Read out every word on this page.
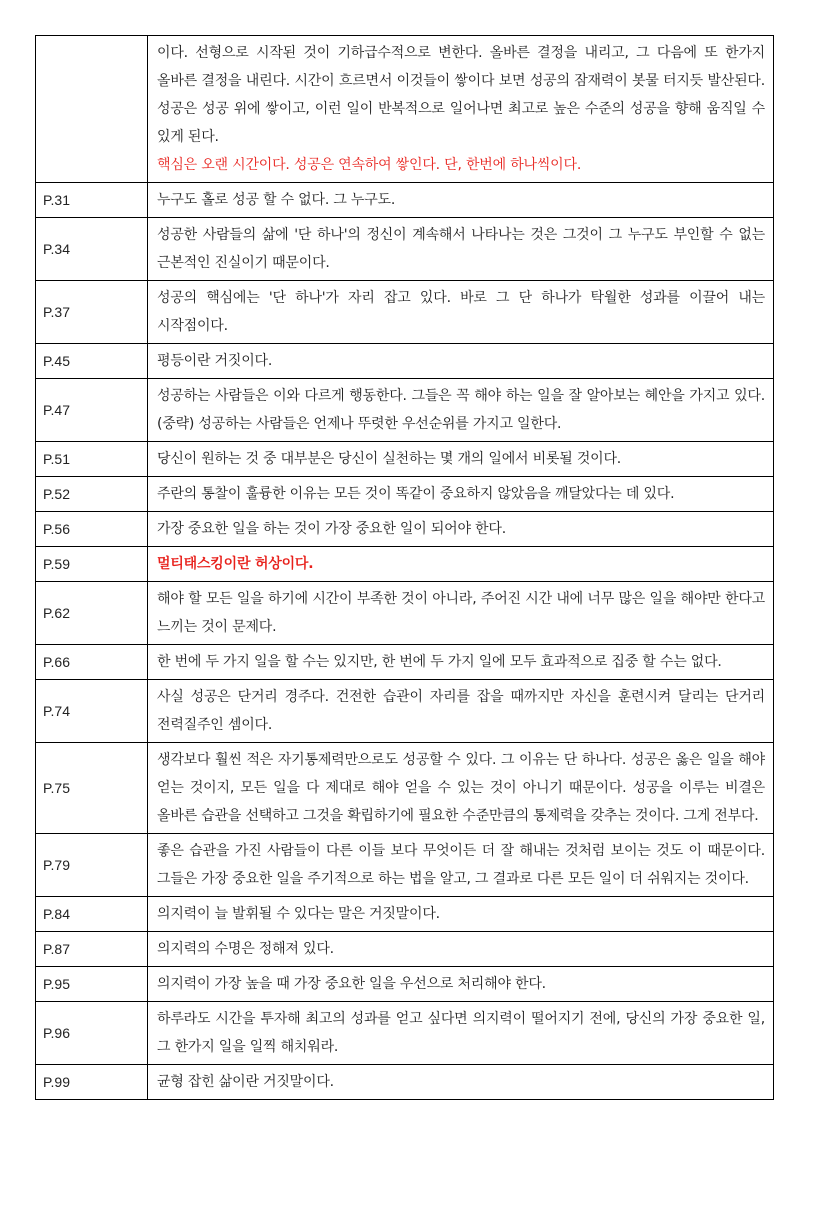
	이다. 선형으로 시작된 것이 기하급수적으로 변한다. 올바른 결정을 내리고, 그 다음에 또 한가지 올바른 결정을 내린다. 시간이 흐르면서 이것들이 쌓이다 보면 성공의 잠재력이 봇물 터지듯 발산된다. 성공은 성공 위에 쌓이고, 이런 일이 반복적으로 일어나면 최고로 높은 수준의 성공을 향해 움직일 수 있게 된다.
핵심은 오랜 시간이다. 성공은 연속하여 쌓인다. 단, 한번에 하나씩이다.

P.31	누구도 홀로 성공 할 수 없다. 그 누구도.
P.34	성공한 사람들의 삶에 '단 하나'의 정신이 계속해서 나타나는 것은 그것이 그 누구도 부인할 수 없는 근본적인 진실이기 때문이다.
P.37	성공의 핵심에는 '단 하나'가 자리 잡고 있다. 바로 그 단 하나가 탁월한 성과를 이끌어 내는 시작점이다.
P.45	평등이란 거짓이다.
P.47	성공하는 사람들은 이와 다르게 행동한다. 그들은 꼭 해야 하는 일을 잘 알아보는 혜안을 가지고 있다. (중략) 성공하는 사람들은 언제나 뚜렷한 우선순위를 가지고 일한다.
P.51	당신이 원하는 것 중 대부분은 당신이 실천하는 몇 개의 일에서 비롯될 것이다.
P.52	주란의 통찰이 훌륭한 이유는 모든 것이 똑같이 중요하지 않았음을 깨달았다는 데 있다.
P.56	가장 중요한 일을 하는 것이 가장 중요한 일이 되어야 한다.
P.59	멀티태스킹이란 허상이다.
P.62	해야 할 모든 일을 하기에 시간이 부족한 것이 아니라, 주어진 시간 내에 너무 많은 일을 해야만 한다고 느끼는 것이 문제다.
P.66	한 번에 두 가지 일을 할 수는 있지만, 한 번에 두 가지 일에 모두 효과적으로 집중 할 수는 없다.
P.74	사실 성공은 단거리 경주다. 건전한 습관이 자리를 잡을 때까지만 자신을 훈련시켜 달리는 단거리 전력질주인 셈이다.
P.75	생각보다 훨씬 적은 자기통제력만으로도 성공할 수 있다. 그 이유는 단 하나다. 성공은 옳은 일을 해야 얻는 것이지, 모든 일을 다 제대로 해야 얻을 수 있는 것이 아니기 때문이다. 성공을 이루는 비결은 올바른 습관을 선택하고 그것을 확립하기에 필요한 수준만큼의 통제력을 갖추는 것이다. 그게 전부다.
P.79	좋은 습관을 가진 사람들이 다른 이들 보다 무엇이든 더 잘 해내는 것처럼 보이는 것도 이 때문이다. 그들은 가장 중요한 일을 주기적으로 하는 법을 알고, 그 결과로 다른 모든 일이 더 쉬워지는 것이다.
P.84	의지력이 늘 발휘될 수 있다는 말은 거짓말이다.
P.87	의지력의 수명은 정해져 있다.
P.95	의지력이 가장 높을 때 가장 중요한 일을 우선으로 처리해야 한다.
P.96	하루라도 시간을 투자해 최고의 성과를 얻고 싶다면 의지력이 떨어지기 전에, 당신의 가장 중요한 일, 그 한가지 일을 일찍 해치워라.
P.99	균형 잡힌 삶이란 거짓말이다.
